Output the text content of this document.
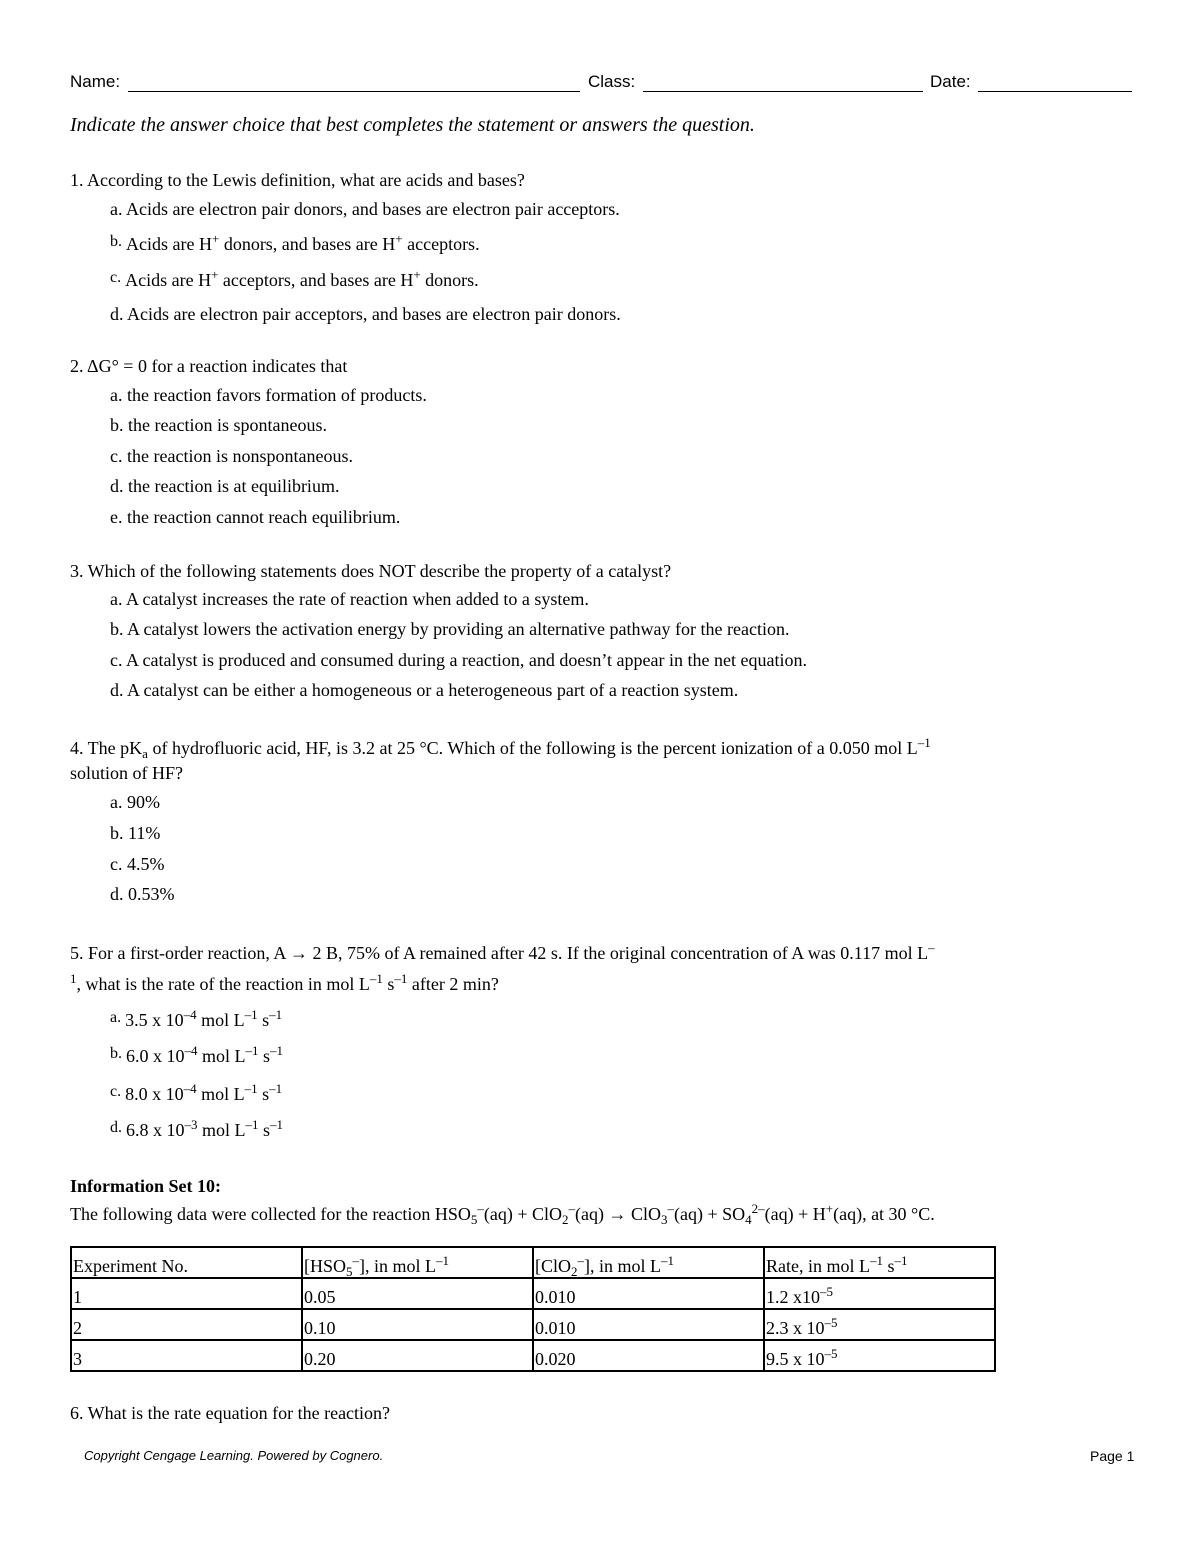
Name:	Class:	Date:
Indicate the answer choice that best completes the statement or answers the question.
1. According to the Lewis definition, what are acids and bases?
a. Acids are electron pair donors, and bases are electron pair acceptors.
b. Acids are H+ donors, and bases are H+ acceptors.
c. Acids are H+ acceptors, and bases are H+ donors.
d. Acids are electron pair acceptors, and bases are electron pair donors.
2. ΔG° = 0 for a reaction indicates that
a. the reaction favors formation of products.
b. the reaction is spontaneous.
c. the reaction is nonspontaneous.
d. the reaction is at equilibrium.
e. the reaction cannot reach equilibrium.
3. Which of the following statements does NOT describe the property of a catalyst?
a. A catalyst increases the rate of reaction when added to a system.
b. A catalyst lowers the activation energy by providing an alternative pathway for the reaction.
c. A catalyst is produced and consumed during a reaction, and doesn’t appear in the net equation.
d. A catalyst can be either a homogeneous or a heterogeneous part of a reaction system.
4. The $pK_a$ of hydrofluoric acid, HF, is 3.2 at 25 °C. Which of the following is the percent ionization of a 0.050 mol $L^{-1}$
solution of HF?
a. 90%
b. 11%
c. 4.5%
d. 0.53%
5. For a first-order reaction, A → 2 B, 75% of A remained after 42 s. If the original concentration of A was 0.117 mol L–
$^1$, what is the rate of the reaction in mol $L^{-1}$ $s^{-1}$ after 2 min?
a. 3.5 x $10^{-4}$ mol $L^{-1}$ $s^{-1}$
b. 6.0 x $10^{-4}$ mol $L^{-1}$ $s^{-1}$
c. 8.0 x $10^{-4}$ mol $L^{-1}$ $s^{-1}$
d. 6.8 x $10^{-3}$ mol $L^{-1}$ $s^{-1}$
Information Set 10:
The following data were collected for the reaction $HSO_5^-(aq) + ClO_2^-(aq) \to ClO_3^-(aq) + SO_4^{2-}(aq) + H^+(aq)$, at 30 °C.
Experiment No.	$[HSO_5^-]$, in mol $L^{-1}$	[ClO$_2$–], in mol $L^{-1}$	Rate, in mol $L^{-1}$ $s^{-1}$
1	0.05	0.010	1.2 $x10^{-5}$
2	0.10	0.010	2.3 x $10^{-5}$
3	0.20	0.020	9.5 x $10^{-5}$
6. What is the rate equation for the reaction?
Copyright Cengage Learning. Powered by Cognero.	Page 1
